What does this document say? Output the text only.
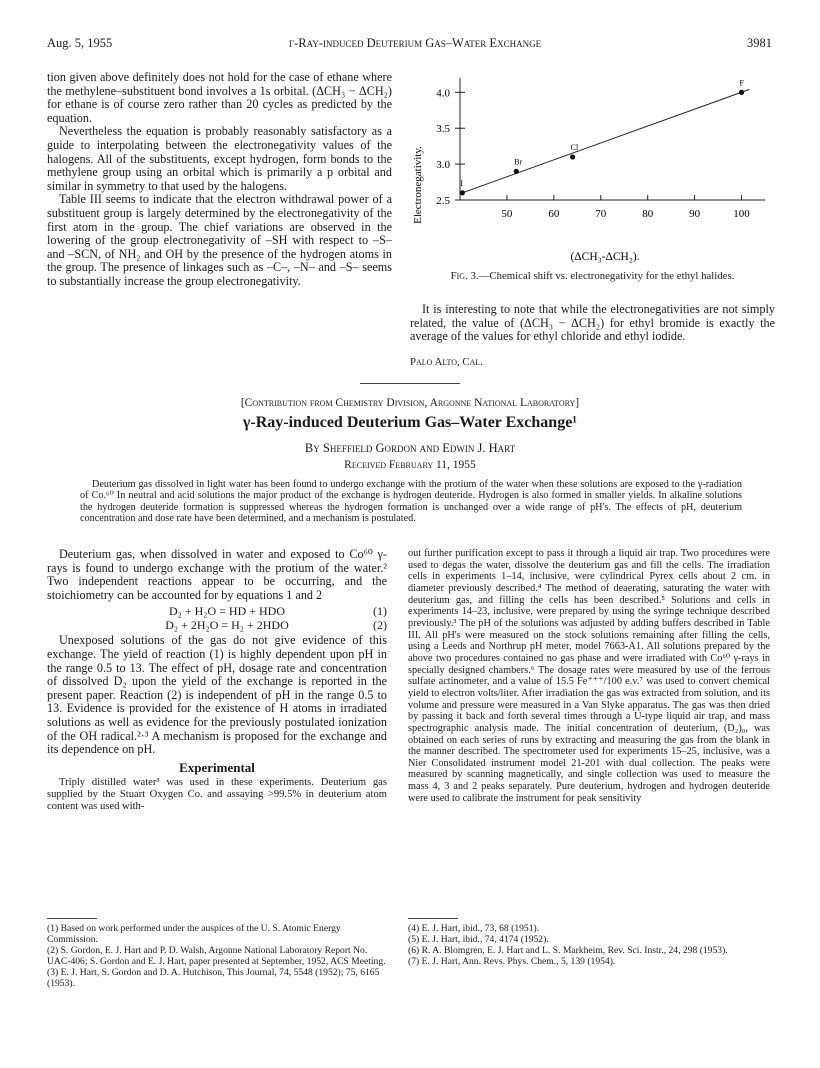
Aug. 5, 1955	γ-Ray-induced Deuterium Gas–Water Exchange	3981

tion given above definitely does not hold for the case of ethane where the methylene–substituent bond involves a 1s orbital. (ΔCH₃ − ΔCH₂) for ethane is of course zero rather than 20 cycles as predicted by the equation.

Nevertheless the equation is probably reasonably satisfactory as a guide to interpolating between the electronegativity values of the halogens. All of the substituents, except hydrogen, form bonds to the methylene group using an orbital which is primarily a p orbital and similar in symmetry to that used by the halogens.

Table III seems to indicate that the electron withdrawal power of a substituent group is largely determined by the electronegativity of the first atom in the group. The chief variations are observed in the lowering of the group electronegativity of –SH with respect to –S– and –SCN, of NH₂ and OH by the presence of the hydrogen atoms in the group. The presence of linkages such as –C–, –N– and –S– seems to substantially increase the group electronegativity.

2.5
3.0
3.5
4.0
50	60	70	80	90	100
I
Br
Cl
F
Electronegativity.
(ΔCH₃-ΔCH₂).
Fig. 3.—Chemical shift vs. electronegativity for the ethyl halides.

It is interesting to note that while the electronegativities are not simply related, the value of (ΔCH₃ − ΔCH₂) for ethyl bromide is exactly the average of the values for ethyl chloride and ethyl iodide.

Palo Alto, Cal.
[Contribution from Chemistry Division, Argonne National Laboratory]
γ-Ray-induced Deuterium Gas–Water Exchange¹
By Sheffield Gordon and Edwin J. Hart
Received February 11, 1955

Deuterium gas dissolved in light water has been found to undergo exchange with the protium of the water when these solutions are exposed to the γ-radiation of Co.⁶⁰ In neutral and acid solutions the major product of the exchange is hydrogen deuteride. Hydrogen is also formed in smaller yields. In alkaline solutions the hydrogen deuteride formation is suppressed whereas the hydrogen formation is unchanged over a wide range of pH's. The effects of pH, deuterium concentration and dose rate have been determined, and a mechanism is postulated.

Deuterium gas, when dissolved in water and exposed to Co⁶⁰ γ-rays is found to undergo exchange with the protium of the water.² Two independent reactions appear to be occurring, and the stoichiometry can be accounted for by equations 1 and 2

D₂ + H₂O = HD + HDO	(1)
D₂ + 2H₂O = H₂ + 2HDO	(2)

Unexposed solutions of the gas do not give evidence of this exchange. The yield of reaction (1) is highly dependent upon pH in the range 0.5 to 13. The effect of pH, dosage rate and concentration of dissolved D₂ upon the yield of the exchange is reported in the present paper. Reaction (2) is independent of pH in the range 0.5 to 13. Evidence is provided for the existence of H atoms in irradiated solutions as well as evidence for the previously postulated ionization of the OH radical.²·³ A mechanism is proposed for the exchange and its dependence on pH.

Experimental

Triply distilled water³ was used in these experiments. Deuterium gas supplied by the Stuart Oxygen Co. and assaying >99.5% in deuterium atom content was used with-

out further purification except to pass it through a liquid air trap. Two procedures were used to degas the water, dissolve the deuterium gas and fill the cells. The irradiation cells in experiments 1–14, inclusive, were cylindrical Pyrex cells about 2 cm. in diameter previously described.⁴ The method of deaerating, saturating the water with deuterium gas, and filling the cells has been described.⁵ Solutions and cells in experiments 14–23, inclusive, were prepared by using the syringe technique described previously.³ The pH of the solutions was adjusted by adding buffers described in Table III. All pH's were measured on the stock solutions remaining after filling the cells, using a Leeds and Northrup pH meter, model 7663-A1. All solutions prepared by the above two procedures contained no gas phase and were irradiated with Co⁶⁰ γ-rays in specially designed chambers.⁶ The dosage rates were measured by use of the ferrous sulfate actinometer, and a value of 15.5 Fe⁺⁺⁺/100 e.v.⁷ was used to convert chemical yield to electron volts/liter. After irradiation the gas was extracted from solution, and its volume and pressure were measured in a Van Slyke apparatus. The gas was then dried by passing it back and forth several times through a U-type liquid air trap, and mass spectrographic analysis made. The initial concentration of deuterium, (D₂)₀, was obtained on each series of runs by extracting and measuring the gas from the blank in the manner described. The spectrometer used for experiments 15–25, inclusive, was a Nier Consolidated instrument model 21-201 with dual collection. The peaks were measured by scanning magnetically, and single collection was used to measure the mass 4, 3 and 2 peaks separately. Pure deuterium, hydrogen and hydrogen deuteride were used to calibrate the instrument for peak sensitivity

(1) Based on work performed under the auspices of the U. S. Atomic Energy Commission.
(2) S. Gordon, E. J. Hart and P. D. Walsh, Argonne National Laboratory Report No. UAC-406; S. Gordon and E. J. Hart, paper presented at September, 1952, ACS Meeting.
(3) E. J. Hart, S. Gordon and D. A. Hutchison, This Journal, 74, 5548 (1952); 75, 6165 (1953).
(4) E. J. Hart, ibid., 73, 68 (1951).
(5) E. J. Hart, ibid., 74, 4174 (1952).
(6) R. A. Blomgren, E. J. Hart and L. S. Markheim, Rev. Sci. Instr., 24, 298 (1953).
(7) E. J. Hart, Ann. Revs. Phys. Chem., 5, 139 (1954).
